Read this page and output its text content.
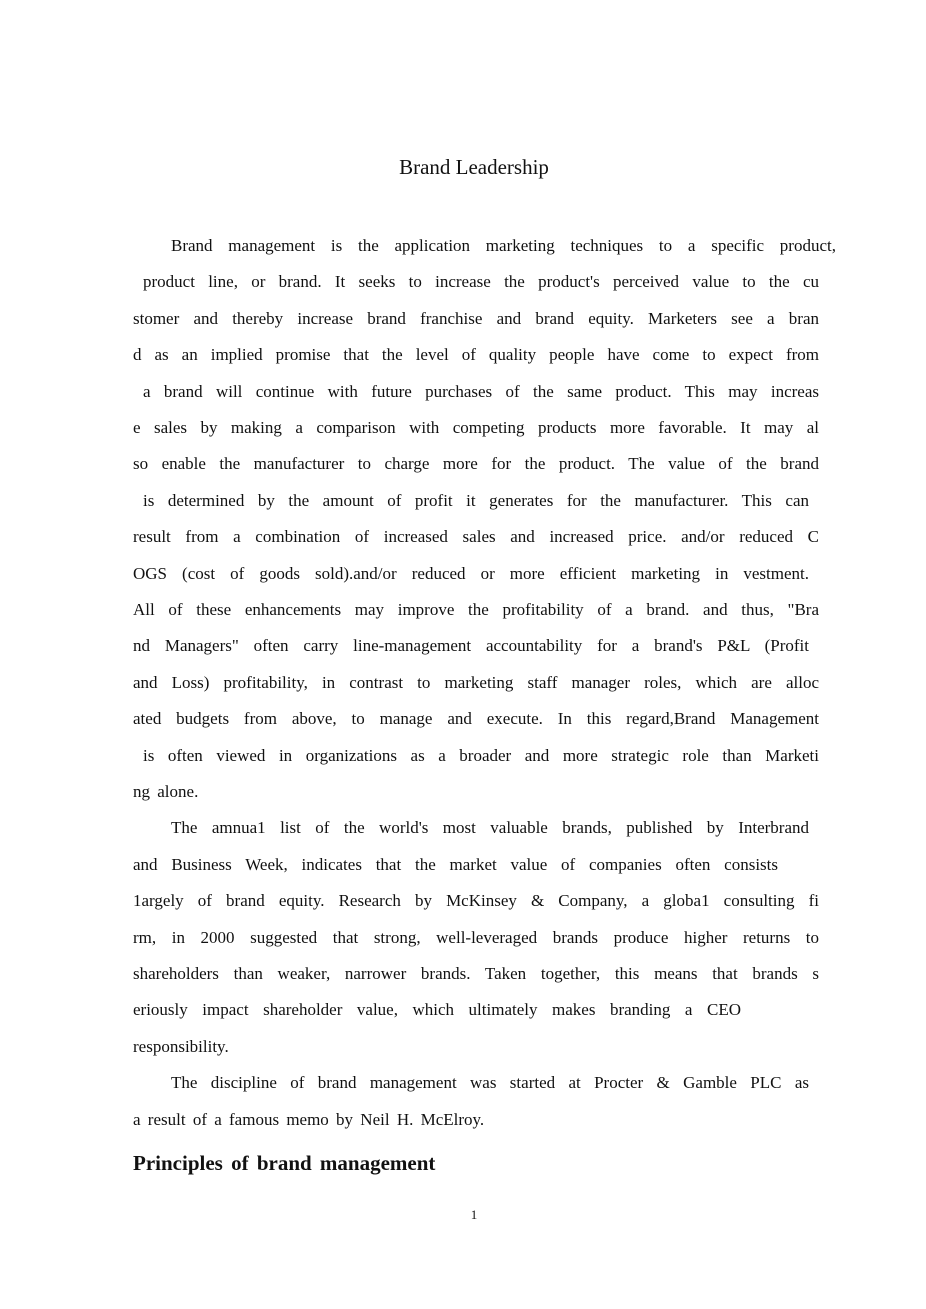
Brand Leadership
Brand management is the application marketing techniques to a specific product,
product line, or brand. It seeks to increase the product's perceived value to the cu
stomer and thereby increase brand franchise and brand equity. Marketers see a bran
d as an implied promise that the level of quality people have come to expect from
a brand will continue with future purchases of the same product. This may increas
e sales by making a comparison with competing products more favorable. It may al
so enable the manufacturer to charge more for the product. The value of the brand
is determined by the amount of profit it generates for the manufacturer. This can
result from a combination of increased sales and increased price. and/or reduced C
OGS (cost of goods sold).and/or reduced or more efficient marketing in vestment.
All of these enhancements may improve the profitability of a brand. and thus, "Bra
nd Managers" often carry line-management accountability for a brand's P&L (Profit
and Loss) profitability, in contrast to marketing staff manager roles, which are alloc
ated budgets from above, to manage and execute. In this regard,Brand Management
is often viewed in organizations as a broader and more strategic role than Marketi
ng alone.
The amnua1 list of the world's most valuable brands, published by Interbrand
and Business Week, indicates that the market value of companies often consists
1argely of brand equity. Research by McKinsey & Company, a globa1 consulting fi
rm, in 2000 suggested that strong, well-leveraged brands produce higher returns to
shareholders than weaker, narrower brands. Taken together, this means that brands s
eriously impact shareholder value, which ultimately makes branding a CEO
responsibility.
The discipline of brand management was started at Procter & Gamble PLC as
a result of a famous memo by Neil H. McElroy.
Principles of brand management
1
